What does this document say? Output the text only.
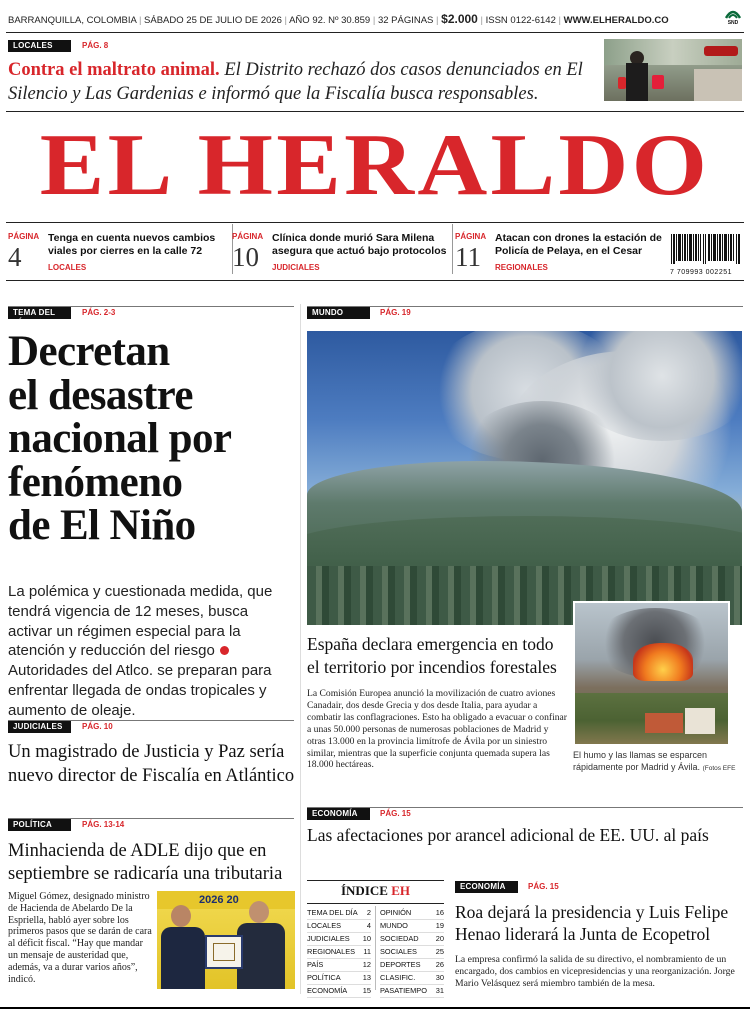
BARRANQUILLA, COLOMBIA | SÁBADO 25 DE JULIO DE 2026 | AÑO 92. Nº 30.859 | 32 PÁGINAS | $2.000 | ISSN 0122-6142 | WWW.ELHERALDO.CO	SND
LOCALES	PÁG. 8
Contra el maltrato animal. El Distrito rechazó dos casos denunciados en El Silencio y Las Gardenias e informó que la Fiscalía busca responsables.
EL HERALDO
PÁGINA
4
Tenga en cuenta nuevos cambios viales por cierres en la calle 72
LOCALES
PÁGINA
10
Clínica donde murió Sara Milena asegura que actuó bajo protocolos
JUDICIALES
PÁGINA
11
Atacan con drones la estación de Policía de Pelaya, en el Cesar
REGIONALES
7 709993 002251
TEMA DEL DÍA
PÁG. 2-3
Decretan
el desastre
nacional por
fenómeno
de El Niño
La polémica y cuestionada medida, que tendrá vigencia de 12 meses, busca activar un régimen especial para la atención y reducción del riesgo  Autoridades del Atlco. se preparan para enfrentar llegada de ondas tropicales y aumento de oleaje.
JUDICIALES	PÁG. 10
Un magistrado de Justicia y Paz sería nuevo director de Fiscalía en Atlántico
POLÍTICA	PÁG. 13-14
Minhacienda de ADLE dijo que en septiembre se radicaría una tributaria
Miguel Gómez, designado ministro de Hacienda de Abelardo De la Espriella, habló ayer sobre los primeros pasos que se darán de cara al déficit fiscal. “Hay que mandar un mensaje de austeridad que, además, va a durar varios años”, indicó.
2026 20
MUNDO	PÁG. 19
España declara emergencia en todo el territorio por incendios forestales
La Comisión Europea anunció la movilización de cuatro aviones Canadair, dos desde Grecia y dos desde Italia, para ayudar a combatir las conflagraciones. Esto ha obligado a evacuar o confinar a unas 50.000 personas de numerosas poblaciones de Madrid y otras 13.000 en la provincia limítrofe de Ávila por un siniestro similar, mientras que la superficie conjunta quemada supera las 18.000 hectáreas.
El humo y las llamas se esparcen rápidamente por Madrid y Ávila. (Fotos EFE
ECONOMÍA	PÁG. 15
Las afectaciones por arancel adicional de EE. UU. al país
ÍNDICE EH
TEMA DEL DÍA 2
LOCALES	4
JUDICIALES 10
REGIONALES 11
PAÍS	12
POLÍTICA	13
ECONOMÍA 15
OPINIÓN	16
MUNDO	19
SOCIEDAD 20
SOCIALES	25
DEPORTES 26
CLASIFIC.	30
PASATIEMPO 31
ECONOMÍA	PÁG. 15
Roa dejará la presidencia y Luis Felipe Henao liderará la Junta de Ecopetrol
La empresa confirmó la salida de su directivo, el nombramiento de un encargado, dos cambios en vicepresidencias y una reorganización. Jorge Mario Velásquez será miembro también de la mesa.
